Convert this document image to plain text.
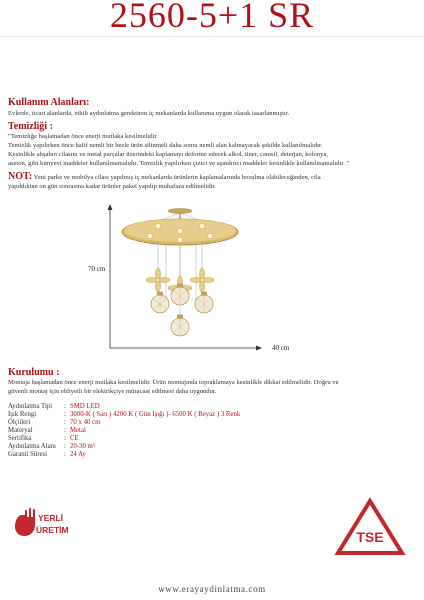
2560-5+1 SR
Kullanım Alanları:
Evlerde, ticari alanlarda, etkili aydınlatma gerektiren iç mekanlarda kullanıma uygun olarak tasarlanmıştır.
Temizliği :
"Temizliğe başlamadan önce enerji mutlaka kesilmelidir.
Temizlik yapılırken önce hafif nemli bir bezle ürün silinmeli daha sonra nemli alan kalmayacak şekilde kullanılmalıdır.
Kesinlikle ahşabın cilasını ve metal parçalar üzerindeki kaplamayı deforme edecek alkol, tiner, camsil, deterjan, kolonya,
aseton, gibi kimyevi maddeler kullanılmamalıdır. Temizlik yapılırken çizici ve aşındırıcı maddeler kesinlikle kullanılmamalıdır. "
NOT: Yeni parke ve mobilya cilası yapılmış iç mekanlarda ürünlerin kaplamalarında bozulma olabileceğinden, cila
yapıldıktan on gün sonrasına kadar ürünler paket yapılıp muhafaza edilmelidir.
70 cm
40 cm
Kurulumu :
Montaja başlamadan önce enerji mutlaka kesilmelidir. Ürün montajında topraklamaya kesinlikle dikkat edilmelidir. Doğru ve
güvenli montaj için ehliyetli bir elektrikçiye müracaat edilmesi daha uygundur.
Aydınlatma Tipi	:	SMD LED
Işık Rengi	:	3000-K ( Sarı ) 4200 K ( Gün Işığı )- 6500 K ( Beyaz ) 3 Renk
Ölçüleri	:	70 x 40 cm
Materyal	:	Metal
Sertifika	:	CE
Aydınlatma Alanı	:	20-30 m²
Garanti Süresi	:	24 Ay
YERLİ
ÜRETİM	TSE
www.erayaydinlatma.com
